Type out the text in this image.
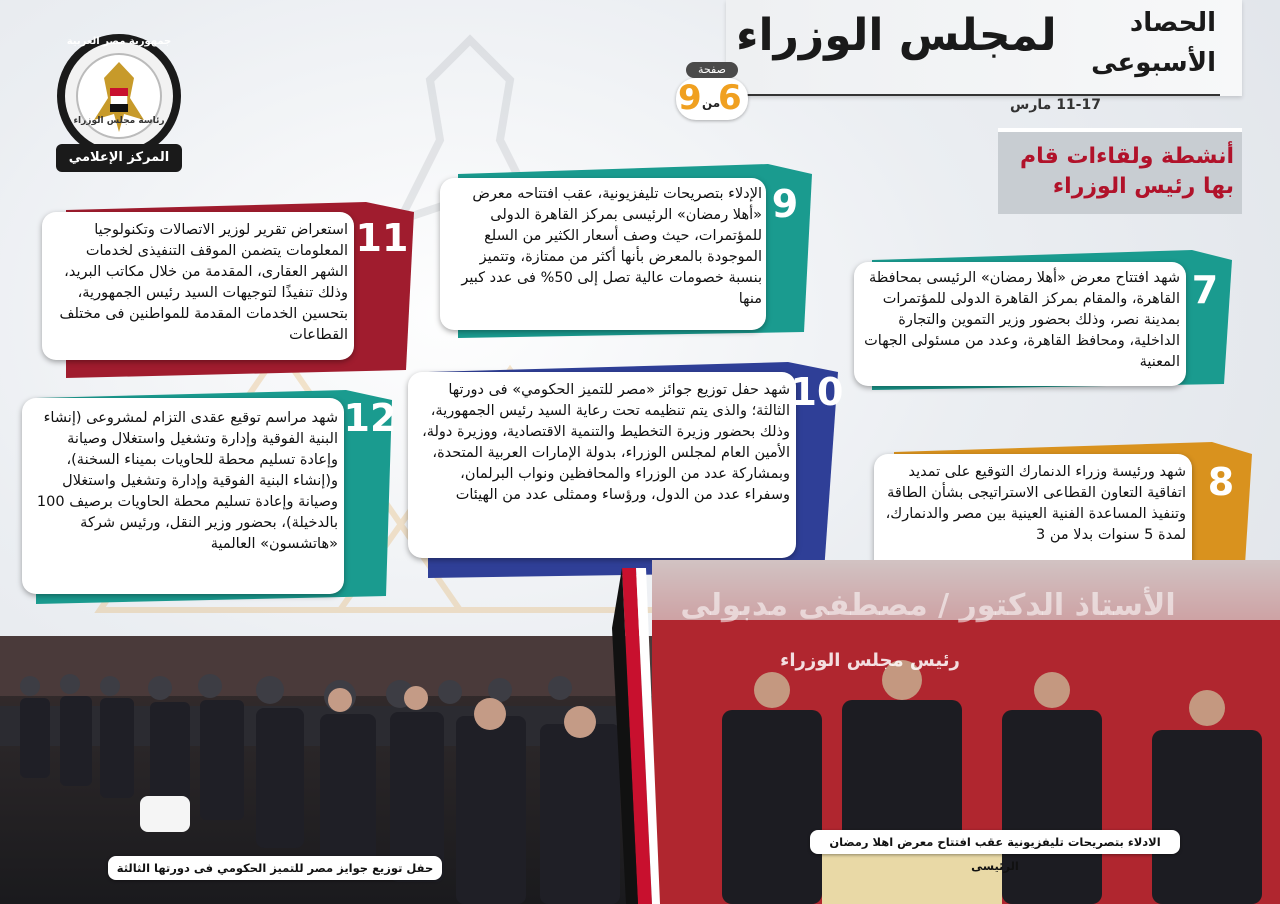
لمجلس الوزراء	الحصاد
الأسبوعى
11-17 مارس
صفحة
6
من
9
جمهورية مصر العربية
رئاسة مجلس الوزراء
المركز الإعلامي	أنشطة ولقاءات قام
بها رئيس الوزراء
11
استعراض تقرير لوزير الاتصالات وتكنولوجيا المعلومات يتضمن الموقف التنفيذى لخدمات الشهر العقارى، المقدمة من خلال مكاتب البريد، وذلك تنفيذًا لتوجيهات السيد رئيس الجمهورية، بتحسين الخدمات المقدمة للمواطنين فى مختلف القطاعات
12
شهد مراسم توقيع عقدى التزام لمشروعى (إنشاء البنية الفوقية وإدارة وتشغيل واستغلال وصيانة وإعادة تسليم محطة للحاويات بميناء السخنة)، و(إنشاء البنية الفوقية وإدارة وتشغيل واستغلال وصيانة وإعادة تسليم محطة الحاويات برصيف 100 بالدخيلة)، بحضور وزير النقل، ورئيس شركة «هاتشسون» العالمية
9
الإدلاء بتصريحات تليفزيونية، عقب افتتاحه معرض «أهلا رمضان» الرئيسى بمركز القاهرة الدولى للمؤتمرات، حيث وصف أسعار الكثير من السلع الموجودة بالمعرض بأنها أكثر من ممتازة، وتتميز بنسبة خصومات عالية تصل إلى 50% فى عدد كبير منها
10
شهد حفل توزيع جوائز «مصر للتميز الحكومي» فى دورتها الثالثة؛ والذى يتم تنظيمه تحت رعاية السيد رئيس الجمهورية، وذلك بحضور وزيرة التخطيط والتنمية الاقتصادية، ووزيرة دولة، الأمين العام لمجلس الوزراء، بدولة الإمارات العربية المتحدة، وبمشاركة عدد من الوزراء والمحافظين ونواب البرلمان، وسفراء عدد من الدول، ورؤساء وممثلى عدد من الهيئات
7
شهد افتتاح معرض «أهلا رمضان» الرئيسى بمحافظة القاهرة، والمقام بمركز القاهرة الدولى للمؤتمرات بمدينة نصر، وذلك بحضور وزير التموين والتجارة الداخلية، ومحافظ القاهرة، وعدد من مسئولى الجهات المعنية
8
شهد ورئيسة وزراء الدنمارك التوقيع على تمديد اتفاقية التعاون القطاعى الاستراتيجى بشأن الطاقة وتنفيذ المساعدة الفنية العينية بين مصر والدنمارك، لمدة 5 سنوات بدلا من 3
حفل توزيع جوايز مصر للتميز الحكومي فى دورتها الثالثة
الأستاذ الدكتور / مصطفى مدبولى
رئيس مجلس الوزراء
الادلاء بتصريحات تليفزيونية عقب افتتاح معرض اهلا رمضان الرئيسى
